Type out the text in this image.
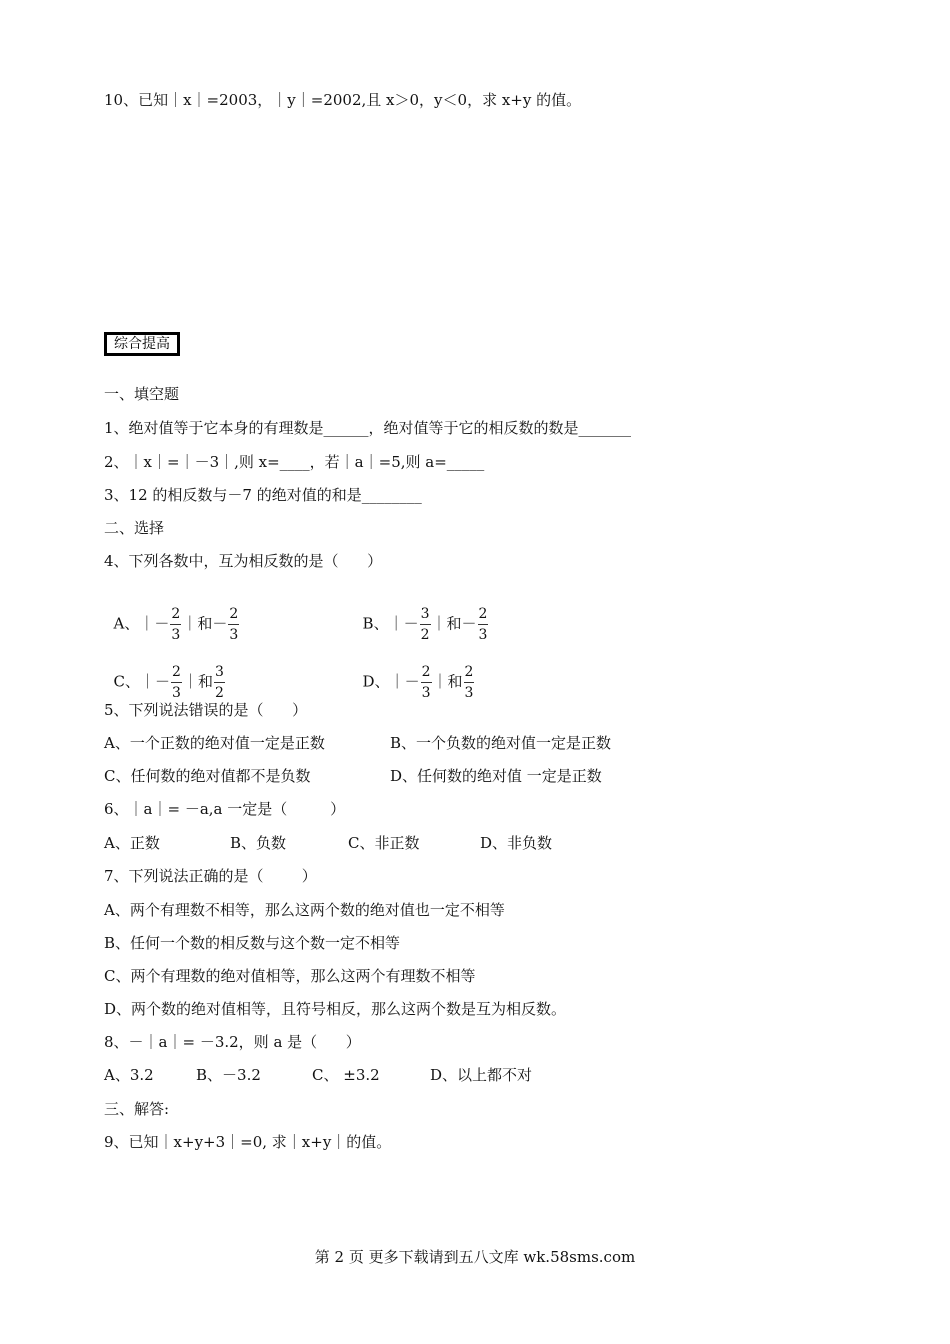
10、已知｜x｜=2003，｜y｜=2002,且 x＞0，y＜0，求 x+y 的值。
综合提高
一、填空题
1、绝对值等于它本身的有理数是______，绝对值等于它的相反数的数是_______
2、｜x｜=｜－3｜,则 x=____，若｜a｜=5,则 a=_____
3、12 的相反数与－7 的绝对值的和是________
二、选择
4、下列各数中，互为相反数的是（      ）

A、｜－ $\frac{2}{3}$ ｜和－ $\frac{2}{3}$	B、｜－ $\frac{3}{2}$ ｜和－ $\frac{2}{3}$

C、｜－ $\frac{2}{3}$ ｜和 $\frac{3}{2}$	D、｜－ $\frac{2}{3}$ ｜和 $\frac{2}{3}$

5、下列说法错误的是（      ）
A、一个正数的绝对值一定是正数	B、一个负数的绝对值一定是正数
C、任何数的绝对值都不是负数	D、任何数的绝对值 一定是正数
6、｜a｜= －a,a 一定是（         ）
A、正数	B、负数	C、非正数	D、非负数
7、下列说法正确的是（        ）
A、两个有理数不相等，那么这两个数的绝对值也一定不相等
B、任何一个数的相反数与这个数一定不相等
C、两个有理数的绝对值相等，那么这两个有理数不相等
D、两个数的绝对值相等，且符号相反，那么这两个数是互为相反数。
8、－｜a｜= －3.2，则 a 是（      ）
A、3.2	B、－3.2	C、 ±3.2	D、以上都不对
三、解答:
9、已知｜x+y+3｜=0, 求｜x+y｜的值。
第 2 页 更多下载请到五八文库 wk.58sms.com
